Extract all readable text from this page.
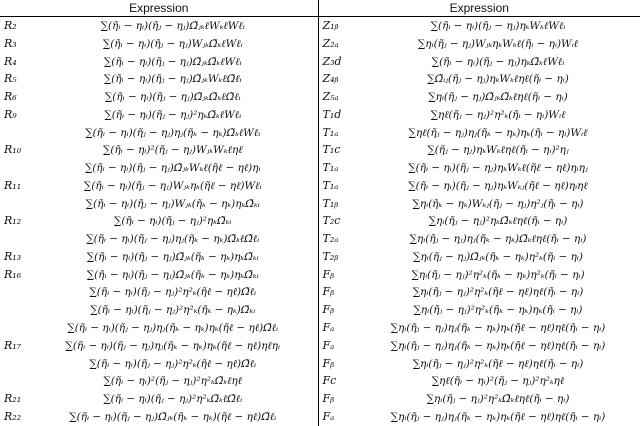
Expression		Expression	
R₂	∑(η̃ᵢ − ηᵢ)(η̃ⱼ − ηⱼ)Ω̃ⱼₖℓWₖℓWℓᵢ	Z₁ᵦ	∑(η̃ᵢ − ηᵢ)(η̃ⱼ − ηⱼ)ηₖWₖℓWℓᵢ
R₃	∑(η̃ᵢ − ηᵢ)(η̃ⱼ − ηⱼ)WⱼₖΩ̃ₖℓWℓᵢ	Z₂ₐ	∑ηᵢ(η̃ⱼ − ηⱼ)WⱼₖηₖWₖℓ(η̃ᵢ − ηᵢ)Wᵢℓ
R₄	∑(η̃ᵢ − ηᵢ)(η̃ⱼ − ηⱼ)Ω̃ⱼₖΩ̃ₖℓWℓᵢ	Z₃d	∑(η̃ᵢ − ηᵢ)(η̃ⱼ − ηⱼ)ηₖΩ̃ₖℓWℓᵢ
R₅	∑(η̃ᵢ − ηᵢ)(η̃ⱼ − ηⱼ)Ω̃ⱼₖWₖℓΩ̃ℓᵢ	Z₄ᵦ	∑Ω̃ᵢⱼ(η̃ⱼ − ηⱼ)ηₖWₖℓηℓ(η̃ᵢ − ηᵢ)
R₆	∑(η̃ᵢ − ηᵢ)(η̃ⱼ − ηⱼ)Ω̃ⱼₖΩ̃ₖℓΩ̃ℓᵢ	Z₅ₐ	∑ηᵢ(η̃ⱼ − ηⱼ)Ω̃ⱼₖΩ̃ₖℓηℓ(η̃ᵢ − ηᵢ)
R₉	∑(η̃ᵢ − ηᵢ)(η̃ⱼ − ηⱼ)²ηₖΩ̃ₖℓWℓᵢ	T₁d	∑ηℓ(η̃ⱼ − ηⱼ)²η²ₖ(η̃ᵢ − ηᵢ)Wᵢℓ
	∑(η̃ᵢ − ηᵢ)(η̃ⱼ − ηⱼ)ηⱼ(η̃ₖ − ηₖ)Ω̃ₖℓWℓᵢ	T₁ₐ	∑ηℓ(η̃ⱼ − ηⱼ)ηⱼ(η̃ₖ − ηₖ)ηₖ(η̃ᵢ − ηᵢ)Wᵢℓ
R₁₀	∑(η̃ᵢ − ηᵢ)²(η̃ⱼ − ηⱼ)WⱼₖWₖℓηℓ	T₁c	∑(η̃ⱼ − ηⱼ)ηₖWₖℓηℓ(η̃ᵢ − ηᵢ)²ηⱼ
	∑(η̃ᵢ − ηᵢ)(η̃ⱼ − ηⱼ)Ω̃ⱼₖWₖℓ(η̃ℓ − ηℓ)ηᵢ	T₁ₐ	∑(η̃ᵢ − ηᵢ)(η̃ⱼ − ηⱼ)ηₖWₖℓ(η̃ℓ − ηℓ)ηᵢηⱼ
R₁₁	∑(η̃ᵢ − ηᵢ)(η̃ⱼ − ηⱼ)Wⱼₖηₖ(η̃ℓ − ηℓ)Wℓᵢ	T₁ₐ	∑(η̃ᵢ − ηᵢ)(η̃ⱼ − ηⱼ)ηₖWₖⱼ(η̃ℓ − ηℓ)ηᵢηℓ
	∑(η̃ᵢ − ηᵢ)(η̃ⱼ − ηⱼ)Wⱼₖ(η̃ₖ − ηₖ)ηₖΩ̃ₖᵢ	T₁ᵦ	∑ηᵢ(η̃ₖ − ηₖ)Wₖⱼ(η̃ⱼ − ηⱼ)η²ⱼ(η̃ᵢ − ηᵢ)
R₁₂	∑(η̃ᵢ − ηᵢ)(η̃ⱼ − ηⱼ)²ηₖΩ̃ₖᵢ	T₂c	∑ηᵢ(η̃ⱼ − ηⱼ)²ηₖΩ̃ₖℓηℓ(η̃ᵢ − ηᵢ)
	∑(η̃ᵢ − ηᵢ)(η̃ⱼ − ηⱼ)ηⱼ(η̃ₖ − ηₖ)Ω̃ₖℓΩ̃ℓᵢ	T₂ₐ	∑ηᵢ(η̃ⱼ − ηⱼ)ηⱼ(η̃ₖ − ηₖ)Ω̃ₖℓηℓ(η̃ᵢ − ηᵢ)
R₁₃	∑(η̃ᵢ − ηᵢ)(η̃ⱼ − ηⱼ)Ω̃ⱼₖ(η̃ₖ − ηₖ)ηₖΩ̃ₖᵢ	T₂ᵦ	∑ηᵢ(η̃ⱼ − ηⱼ)Ω̃ⱼₖ(η̃ₖ − ηₖ)η²ₖ(η̃ᵢ − ηᵢ)
R₁₆	∑(η̃ᵢ − ηᵢ)(η̃ⱼ − ηⱼ)Ω̃ⱼₖ(η̃ₖ − ηₖ)ηₖΩ̃ₖᵢ	Fᵦ	∑ηᵢ(η̃ⱼ − ηⱼ)²η²ₖ(η̃ₖ − ηₖ)η²ₖ(η̃ᵢ − ηᵢ)
	∑(η̃ᵢ − ηᵢ)(η̃ⱼ − ηⱼ)²η²ₖ(η̃ℓ − ηℓ)Ω̃ℓᵢ	Fᵦ	∑ηᵢ(η̃ⱼ − ηⱼ)²η²ₖ(η̃ℓ − ηℓ)ηℓ(η̃ᵢ − ηᵢ)
	∑(η̃ᵢ − ηᵢ)(η̃ⱼ − ηⱼ)²η²ₖ(η̃ₖ − ηₖ)Ω̃ₖᵢ	Fᵦ	∑ηᵢ(η̃ⱼ − ηⱼ)²η²ₖ(η̃ₖ − ηₖ)ηₖ(η̃ᵢ − ηᵢ)
	∑(η̃ᵢ − ηᵢ)(η̃ⱼ − ηⱼ)ηⱼ(η̃ₖ − ηₖ)ηₖ(η̃ℓ − ηℓ)Ω̃ℓᵢ	Fₐ	∑ηᵢ(η̃ⱼ − ηⱼ)ηⱼ(η̃ₖ − ηₖ)ηₖ(η̃ℓ − ηℓ)ηℓ(η̃ᵢ − ηᵢ)
R₁₇	∑(η̃ᵢ − ηᵢ)(η̃ⱼ − ηⱼ)ηⱼ(η̃ₖ − ηₖ)ηₖ(η̃ℓ − ηℓ)ηℓηᵢ	Fₐ	∑ηᵢ(η̃ⱼ − ηⱼ)ηⱼ(η̃ₖ − ηₖ)ηₖ(η̃ℓ − ηℓ)ηℓ(η̃ᵢ − ηᵢ)
	∑(η̃ᵢ − ηᵢ)(η̃ⱼ − ηⱼ)²η²ₖ(η̃ℓ − ηℓ)Ω̃ℓᵢ	Fᵦ	∑ηᵢ(η̃ⱼ − ηⱼ)²η²ₖ(η̃ℓ − ηℓ)ηℓ(η̃ᵢ − ηᵢ)
	∑(η̃ᵢ − ηᵢ)²(η̃ⱼ − ηⱼ)²η²ₖΩ̃ₖℓηℓ	Fc	∑ηℓ(η̃ᵢ − ηᵢ)²(η̃ⱼ − ηⱼ)²η²ₖηℓ
R₂₁	∑(η̃ᵢ − ηᵢ)(η̃ⱼ − ηⱼ)²η²ₖΩ̃ₖℓΩ̃ℓᵢ	Fᵦ	∑ηᵢ(η̃ⱼ − ηⱼ)²η²ₖΩ̃ₖℓηℓ(η̃ᵢ − ηᵢ)
R₂₂	∑(η̃ᵢ − ηᵢ)(η̃ⱼ − ηⱼ)Ω̃ⱼₖ(η̃ₖ − ηₖ)(η̃ℓ − ηℓ)Ω̃ℓᵢ	Fₐ	∑ηᵢ(η̃ⱼ − ηⱼ)ηⱼ(η̃ₖ − ηₖ)ηₖ(η̃ℓ − ηℓ)ηℓ(η̃ᵢ − ηᵢ)
